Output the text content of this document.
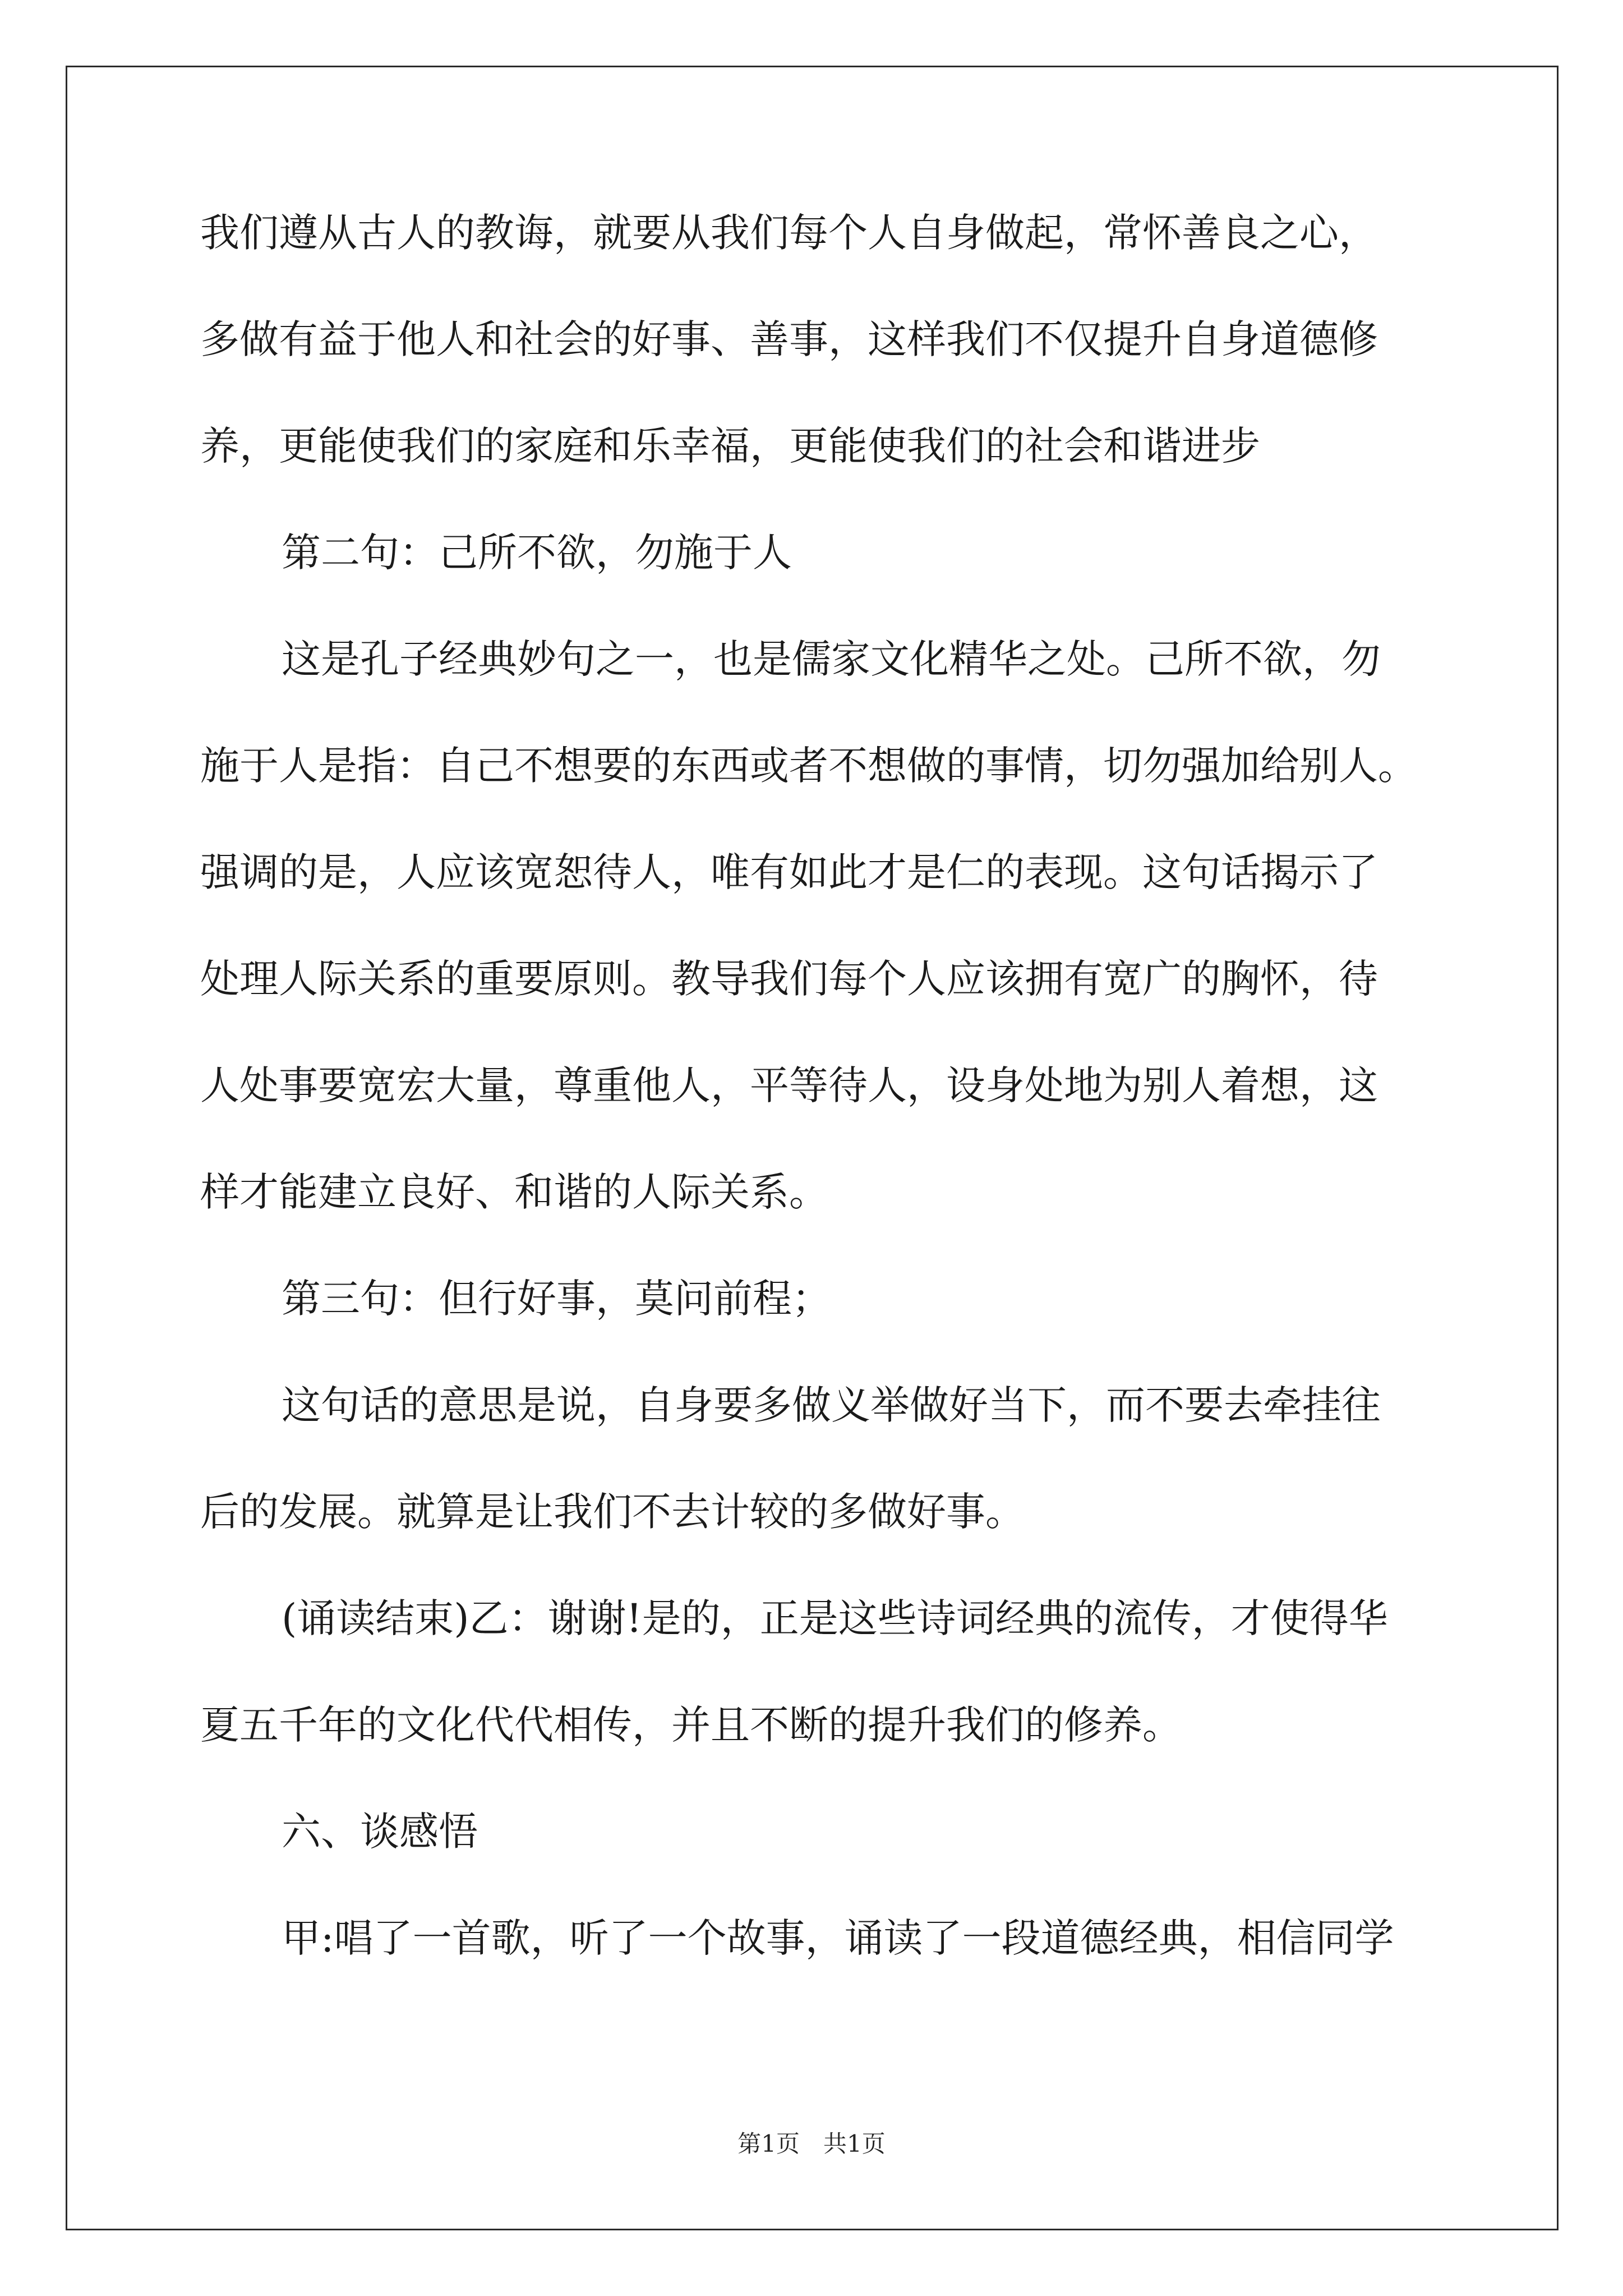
我们遵从古人的教诲，就要从我们每个人自身做起，常怀善良之心，
多做有益于他人和社会的好事、善事，这样我们不仅提升自身道德修
养，更能使我们的家庭和乐幸福，更能使我们的社会和谐进步
第二句：己所不欲，勿施于人
这是孔子经典妙句之一，也是儒家文化精华之处。己所不欲，勿
施于人是指：自己不想要的东西或者不想做的事情，切勿强加给别人。
强调的是，人应该宽恕待人，唯有如此才是仁的表现。这句话揭示了
处理人际关系的重要原则。教导我们每个人应该拥有宽广的胸怀，待
人处事要宽宏大量，尊重他人，平等待人，设身处地为别人着想，这
样才能建立良好、和谐的人际关系。
第三句：但行好事，莫问前程；
这句话的意思是说，自身要多做义举做好当下，而不要去牵挂往
后的发展。就算是让我们不去计较的多做好事。
(诵读结束)乙：谢谢!是的，正是这些诗词经典的流传，才使得华
夏五千年的文化代代相传，并且不断的提升我们的修养。
六、谈感悟
甲:唱了一首歌，听了一个故事，诵读了一段道德经典，相信同学
第1页　共1页
